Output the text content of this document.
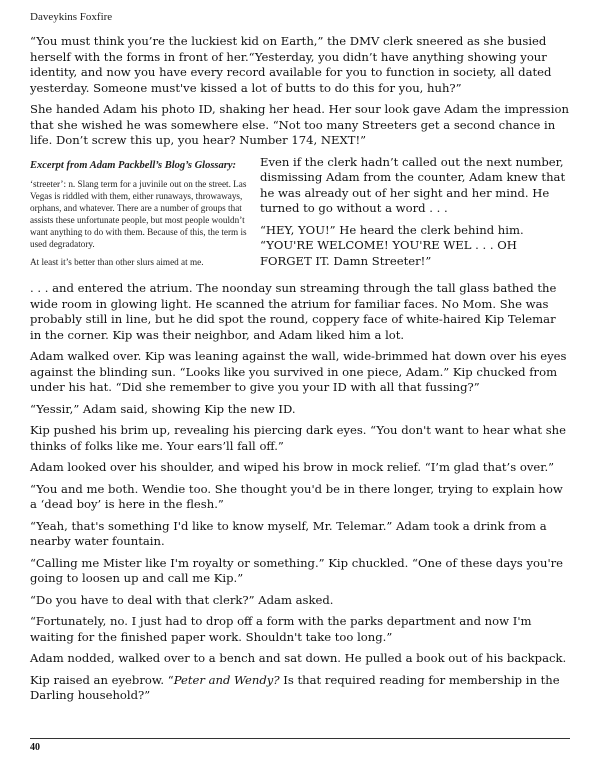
Daveykins Foxfire

“You must think you’re the luckiest kid on Earth,” the DMV clerk sneered as she busied herself with the forms in front of her.“Yesterday, you didn’t have anything showing your identity, and now you have every record available for you to function in society, all dated yesterday. Someone must've kissed a lot of butts to do this for you, huh?”

She handed Adam his photo ID, shaking her head. Her sour look gave Adam the impression that she wished he was somewhere else. “Not too many Streeters get a second chance in life. Don’t screw this up, you hear? Number 174, NEXT!”

Excerpt from Adam Packbell’s Blog’s Glossary:

‘streeter’: n. Slang term for a juvinile out on the street. Las Vegas is riddled with them, either runaways, throwaways, orphans, and whatever. There are a number of groups that assists these unfortunate people, but most people wouldn’t want anything to do with them. Because of this, the term is used degradatory.

At least it’s better than other slurs aimed at me.

Even if the clerk hadn’t called out the next number, dismissing Adam from the counter, Adam knew that he was already out of her sight and her mind. He turned to go without a word . . .

“HEY, YOU!” He heard the clerk behind him. “YOU'RE WELCOME! YOU'RE WEL . . . OH FORGET IT. Damn Streeter!”

. . . and entered the atrium. The noonday sun streaming through the tall glass bathed the wide room in glowing light. He scanned the atrium for familiar faces. No Mom. She was probably still in line, but he did spot the round, coppery face of white-haired Kip Telemar in the corner. Kip was their neighbor, and Adam liked him a lot.

Adam walked over. Kip was leaning against the wall, wide-brimmed hat down over his eyes against the blinding sun. “Looks like you survived in one piece, Adam.” Kip chucked from under his hat. “Did she remember to give you your ID with all that fussing?”

“Yessir,” Adam said, showing Kip the new ID.

Kip pushed his brim up, revealing his piercing dark eyes. “You don't want to hear what she thinks of folks like me. Your ears’ll fall off.”

Adam looked over his shoulder, and wiped his brow in mock relief. “I’m glad that’s over.”

“You and me both. Wendie too. She thought you'd be in there longer, trying to explain how a ‘dead boy’ is here in the flesh.”

“Yeah, that's something I'd like to know myself, Mr. Telemar.” Adam took a drink from a nearby water fountain.

“Calling me Mister like I'm royalty or something.” Kip chuckled. “One of these days you're going to loosen up and call me Kip.”

“Do you have to deal with that clerk?” Adam asked.

“Fortunately, no. I just had to drop off a form with the parks department and now I'm waiting for the finished paper work. Shouldn't take too long.”

Adam nodded, walked over to a bench and sat down. He pulled a book out of his backpack.

Kip raised an eyebrow. “Peter and Wendy? Is that required reading for membership in the Darling household?”

40
